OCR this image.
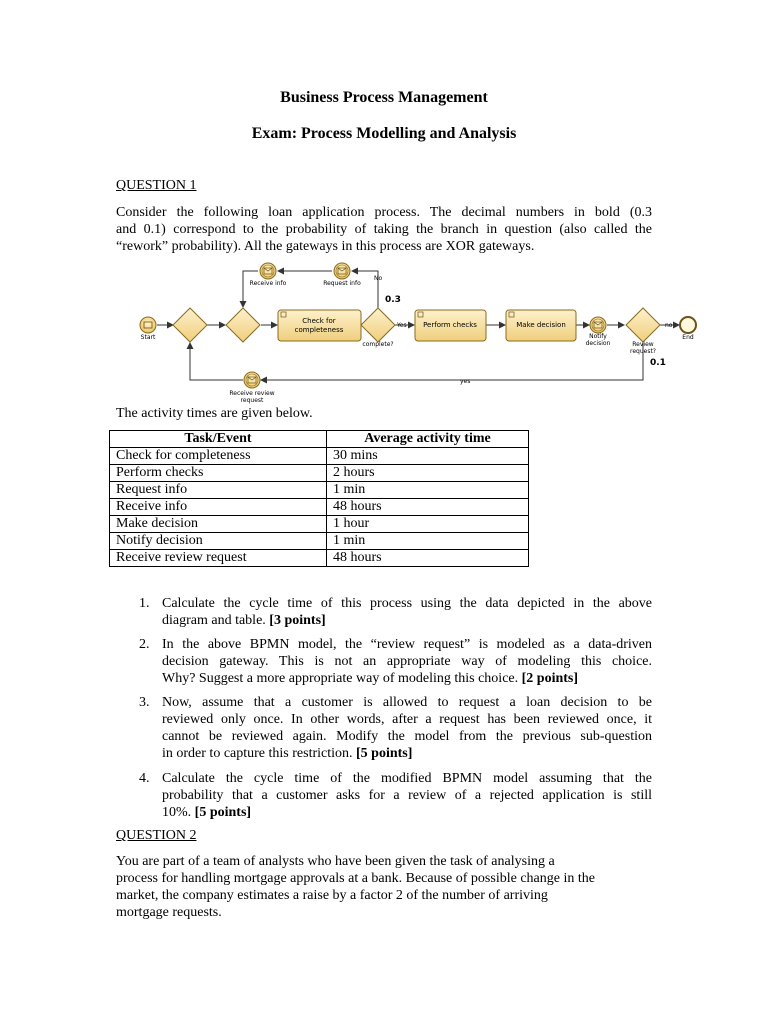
Business Process Management
Exam: Process Modelling and Analysis
QUESTION 1
Consider the following loan application process. The decimal numbers in bold (0.3
and 0.1) correspond to the probability of taking the branch in question (also called the
“rework” probability). All the gateways in this process are XOR gateways.
Start
Check for
completeness
Perform checks	Make decision
End
Receive info	Request info
Notify
decision
complete?	Review
request?
Receive review
request
Yes
No
no
yes
0.3
0.1
The activity times are given below.
Task/Event	Average activity time
Check for completeness	30 mins
Perform checks	2 hours
Request info	1 min
Receive info	48 hours
Make decision	1 hour
Notify decision	1 min
Receive review request	48 hours
1. Calculate the cycle time of this process using the data depicted in the above
diagram and table. [3 points]
2. In the above BPMN model, the “review request” is modeled as a data-driven
decision gateway. This is not an appropriate way of modeling this choice.
Why? Suggest a more appropriate way of modeling this choice. [2 points]
3. Now, assume that a customer is allowed to request a loan decision to be
reviewed only once. In other words, after a request has been reviewed once, it
cannot be reviewed again. Modify the model from the previous sub-question
in order to capture this restriction. [5 points]
4. Calculate the cycle time of the modified BPMN model assuming that the
probability that a customer asks for a review of a rejected application is still
10%. [5 points]
QUESTION 2
You are part of a team of analysts who have been given the task of analysing a
process for handling mortgage approvals at a bank. Because of possible change in the
market, the company estimates a raise by a factor 2 of the number of arriving
mortgage requests.
